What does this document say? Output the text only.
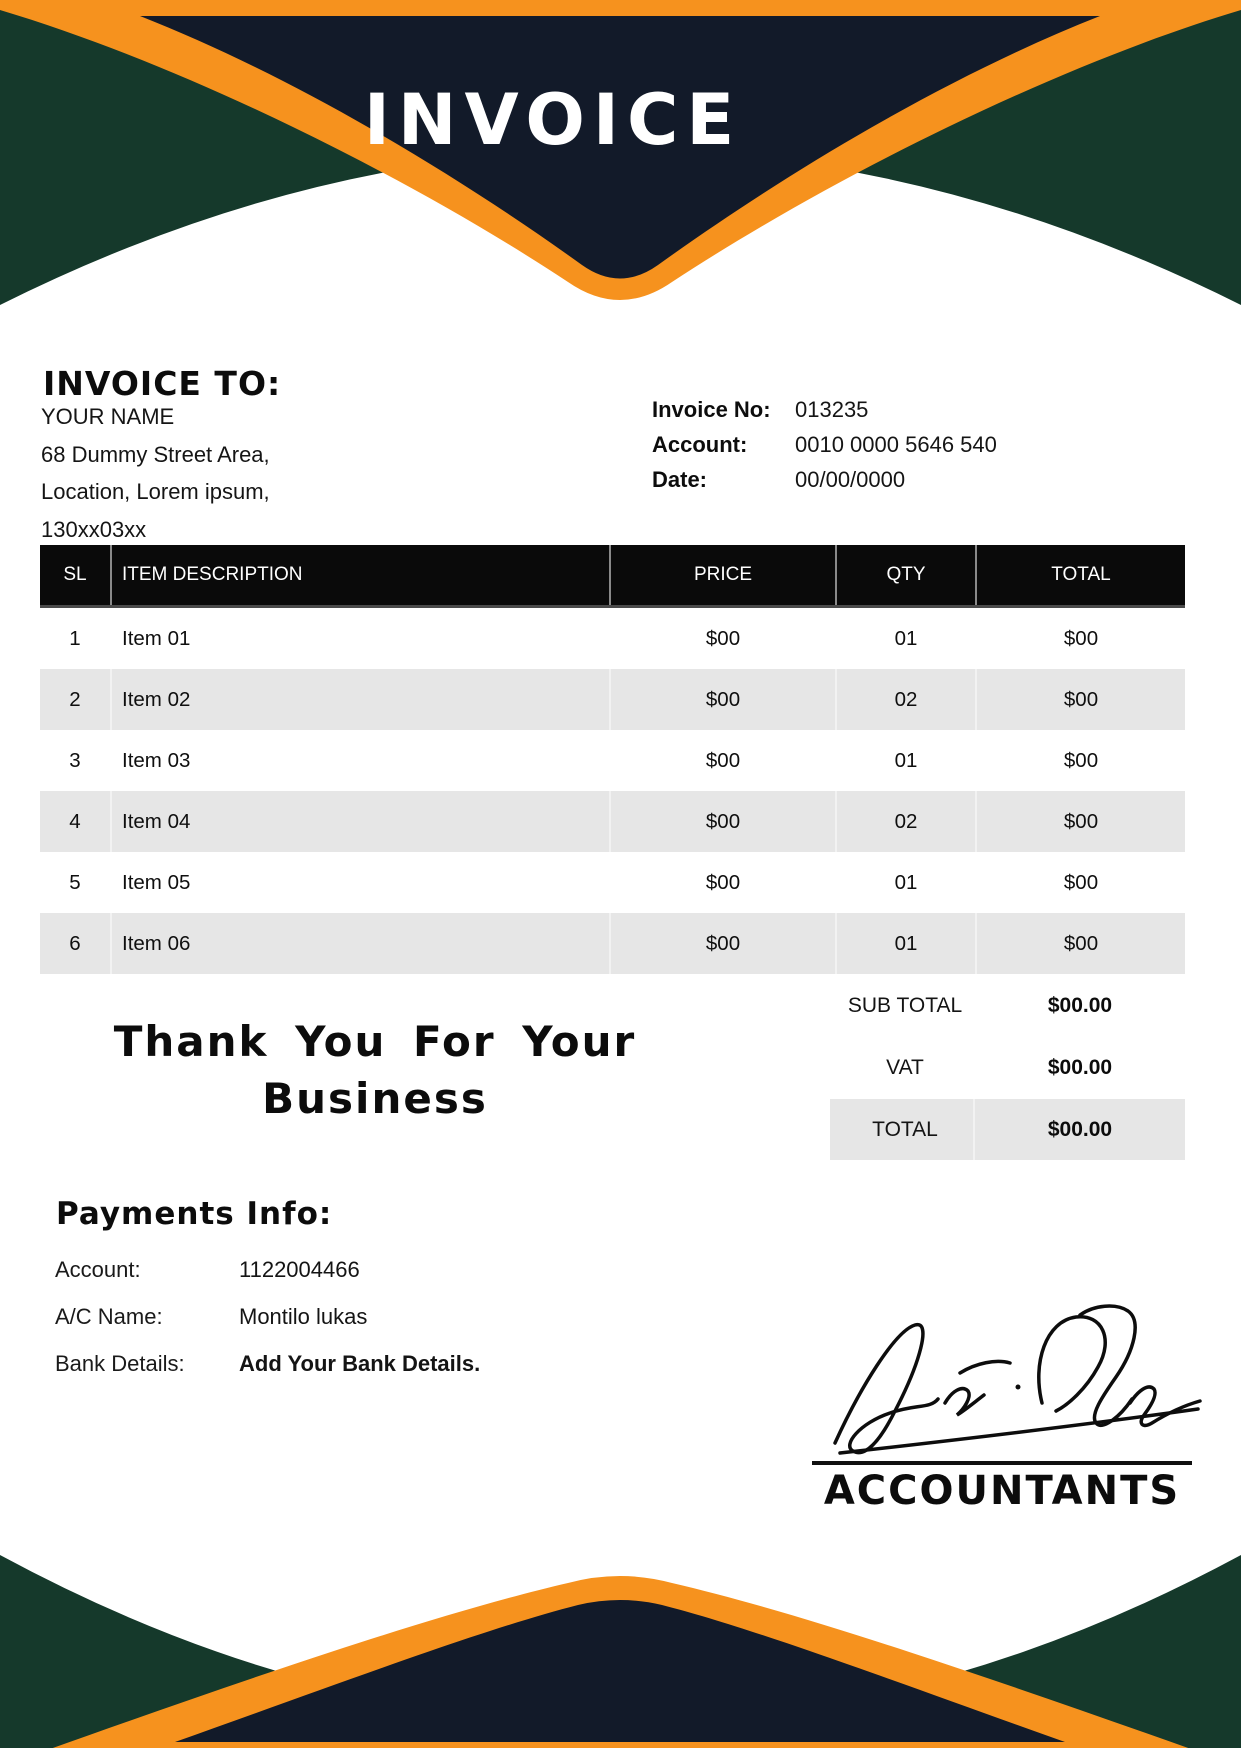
INVOICE
INVOICE TO:
YOUR NAME
68 Dummy Street Area,
Location, Lorem ipsum,
130xx03xx
Invoice No:	013235
Account:	0010 0000 5646 540
Date:	00/00/0000
SL	ITEM DESCRIPTION	PRICE	QTY	TOTAL
1	Item 01	$00	01	$00
2	Item 02	$00	02	$00
3	Item 03	$00	01	$00
4	Item 04	$00	02	$00
5	Item 05	$00	01	$00
6	Item 06	$00	01	$00
SUB TOTAL	$00.00
VAT	$00.00
TOTAL	$00.00
Thank You For Your
Business
Payments Info:
Account:	1122004466
A/C Name:	Montilo lukas
Bank Details: Add Your Bank Details.
ACCOUNTANTS
